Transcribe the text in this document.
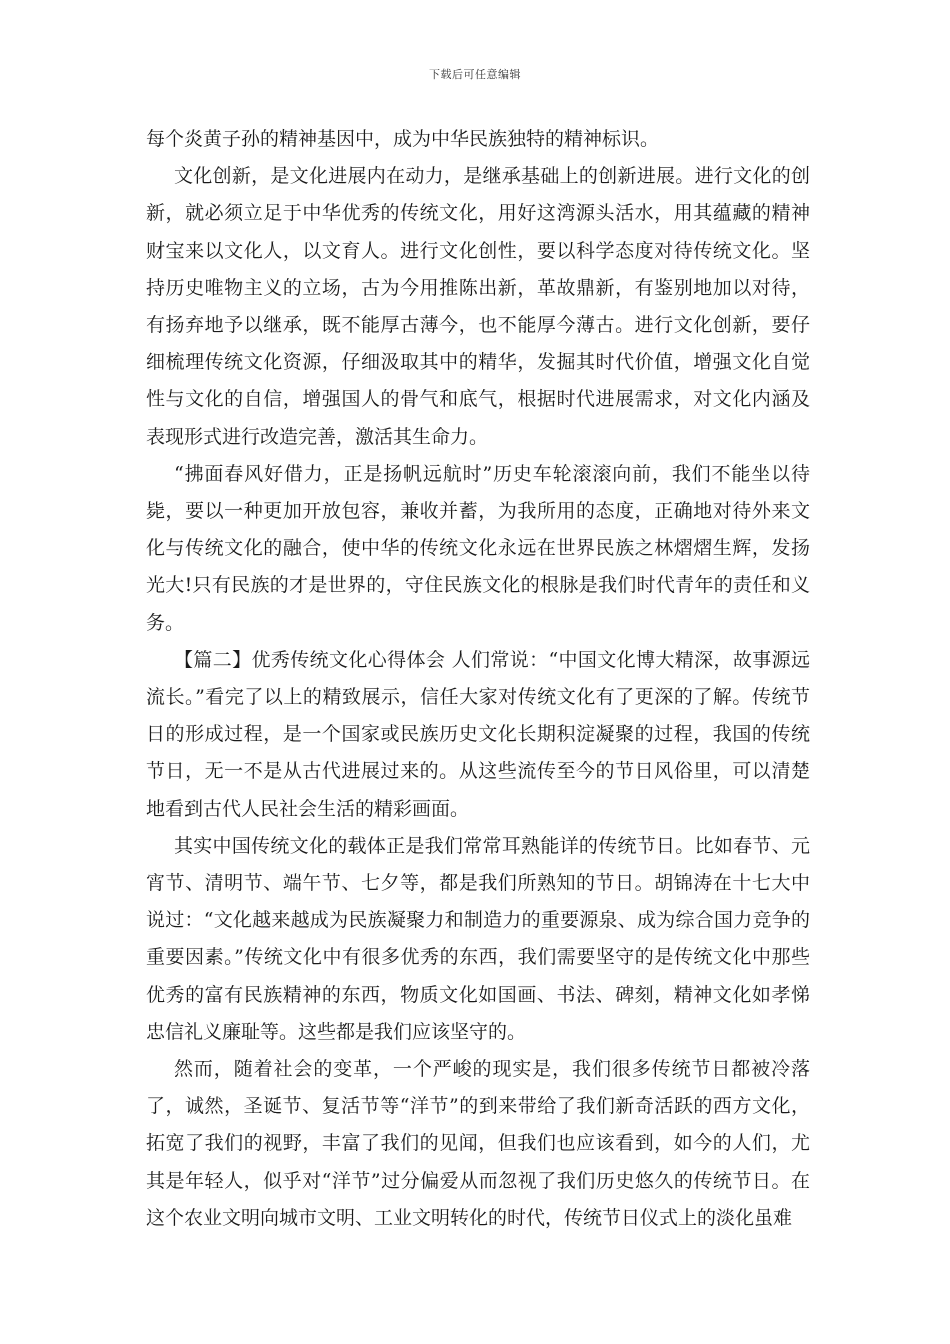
下载后可任意编辑

每个炎黄子孙的精神基因中，成为中华民族独特的精神标识。

文化创新，是文化进展内在动力，是继承基础上的创新进展。进行文化的创新，就必须立足于中华优秀的传统文化，用好这湾源头活水，用其蕴藏的精神财宝来以文化人，以文育人。进行文化创性，要以科学态度对待传统文化。坚持历史唯物主义的立场，古为今用推陈出新，革故鼎新，有鉴别地加以对待，有扬弃地予以继承，既不能厚古薄今，也不能厚今薄古。进行文化创新，要仔细梳理传统文化资源，仔细汲取其中的精华，发掘其时代价值，增强文化自觉性与文化的自信，增强国人的骨气和底气，根据时代进展需求，对文化内涵及表现形式进行改造完善，激活其生命力。

“拂面春风好借力，正是扬帆远航时”历史车轮滚滚向前，我们不能坐以待毙，要以一种更加开放包容，兼收并蓄，为我所用的态度，正确地对待外来文化与传统文化的融合，使中华的传统文化永远在世界民族之林熠熠生辉，发扬光大!只有民族的才是世界的，守住民族文化的根脉是我们时代青年的责任和义务。

【篇二】优秀传统文化心得体会 人们常说：“中国文化博大精深，故事源远流长。”看完了以上的精致展示，信任大家对传统文化有了更深的了解。传统节日的形成过程，是一个国家或民族历史文化长期积淀凝聚的过程，我国的传统节日，无一不是从古代进展过来的。从这些流传至今的节日风俗里，可以清楚地看到古代人民社会生活的精彩画面。

其实中国传统文化的载体正是我们常常耳熟能详的传统节日。比如春节、元宵节、清明节、端午节、七夕等，都是我们所熟知的节日。胡锦涛在十七大中说过：“文化越来越成为民族凝聚力和制造力的重要源泉、成为综合国力竞争的重要因素。”传统文化中有很多优秀的东西，我们需要坚守的是传统文化中那些优秀的富有民族精神的东西，物质文化如国画、书法、碑刻，精神文化如孝悌忠信礼义廉耻等。这些都是我们应该坚守的。

然而，随着社会的变革，一个严峻的现实是，我们很多传统节日都被冷落了，诚然，圣诞节、复活节等“洋节”的到来带给了我们新奇活跃的西方文化，拓宽了我们的视野，丰富了我们的见闻，但我们也应该看到，如今的人们，尤其是年轻人，似乎对“洋节”过分偏爱从而忽视了我们历史悠久的传统节日。在这个农业文明向城市文明、工业文明转化的时代，传统节日仪式上的淡化虽难
